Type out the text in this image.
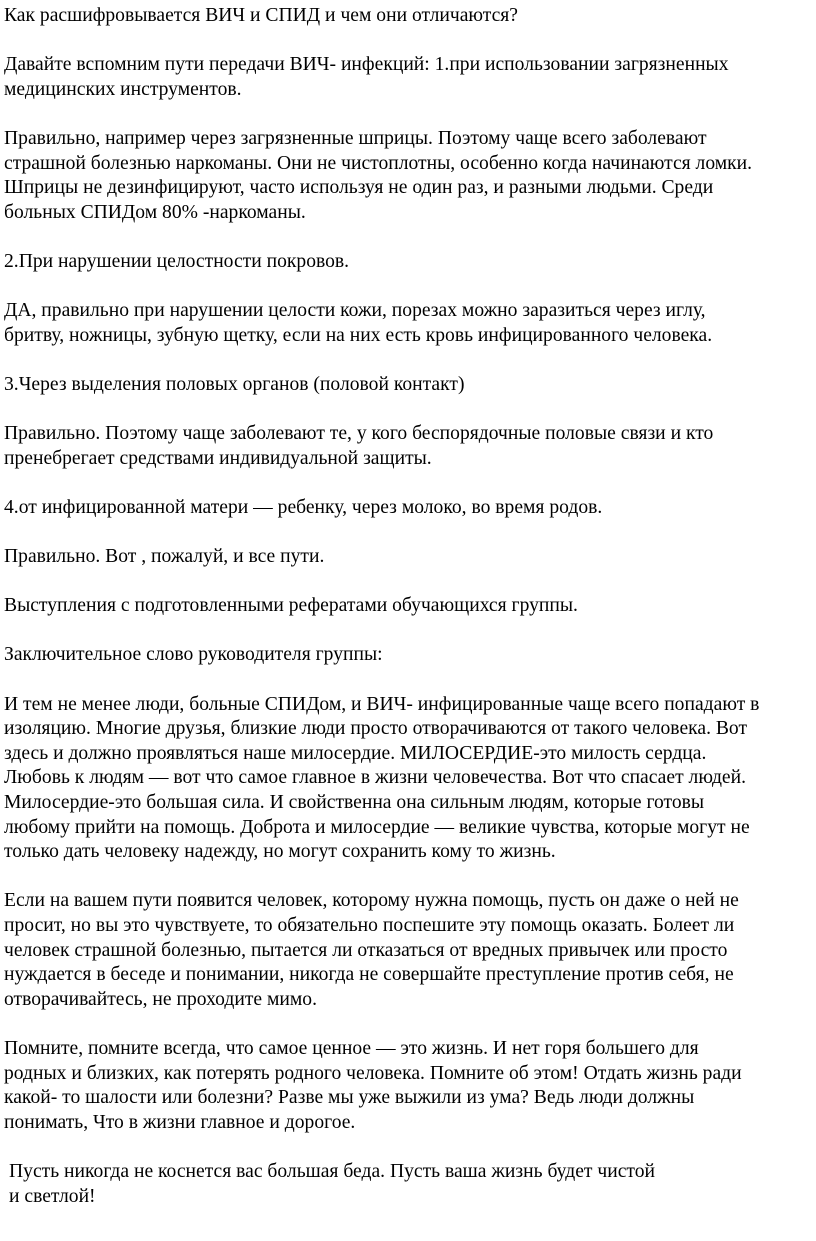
Как расшифровывается ВИЧ и СПИД и чем они отличаются?

Давайте вспомним пути передачи ВИЧ- инфекций: 1.при использовании загрязненных
медицинских инструментов.

Правильно, например через загрязненные шприцы. Поэтому чаще всего заболевают
страшной болезнью наркоманы. Они не чистоплотны, особенно когда начинаются ломки.
Шприцы не дезинфицируют, часто используя не один раз, и разными людьми. Среди
больных СПИДом 80% -наркоманы.

2.При нарушении целостности покровов.

ДА, правильно при нарушении целости кожи, порезах можно заразиться через иглу,
бритву, ножницы, зубную щетку, если на них есть кровь инфицированного человека.

3.Через выделения половых органов (половой контакт)

Правильно. Поэтому чаще заболевают те, у кого беспорядочные половые связи и кто
пренебрегает средствами индивидуальной защиты.

4.от инфицированной матери — ребенку, через молоко, во время родов.

Правильно. Вот , пожалуй, и все пути.

Выступления с подготовленными рефератами обучающихся группы.

Заключительное слово руководителя группы:

И тем не менее люди, больные СПИДом, и ВИЧ- инфицированные чаще всего попадают в
изоляцию. Многие друзья, близкие люди просто отворачиваются от такого человека. Вот
здесь и должно проявляться наше милосердие. МИЛОСЕРДИЕ-это милость сердца.
Любовь к людям — вот что самое главное в жизни человечества. Вот что спасает людей.
Милосердие-это большая сила. И свойственна она сильным людям, которые готовы
любому прийти на помощь. Доброта и милосердие — великие чувства, которые могут не
только дать человеку надежду, но могут сохранить кому то жизнь.

Если на вашем пути появится человек, которому нужна помощь, пусть он даже о ней не
просит, но вы это чувствуете, то обязательно поспешите эту помощь оказать. Болеет ли
человек страшной болезнью, пытается ли отказаться от вредных привычек или просто
нуждается в беседе и понимании, никогда не совершайте преступление против себя, не
отворачивайтесь, не проходите мимо.

Помните, помните всегда, что самое ценное — это жизнь. И нет горя большего для
родных и близких, как потерять родного человека. Помните об этом! Отдать жизнь ради
какой- то шалости или болезни? Разве мы уже выжили из ума? Ведь люди должны
понимать, Что в жизни главное и дорогое.

Пусть никогда не коснется вас большая беда. Пусть ваша жизнь будет чистой
и светлой!
